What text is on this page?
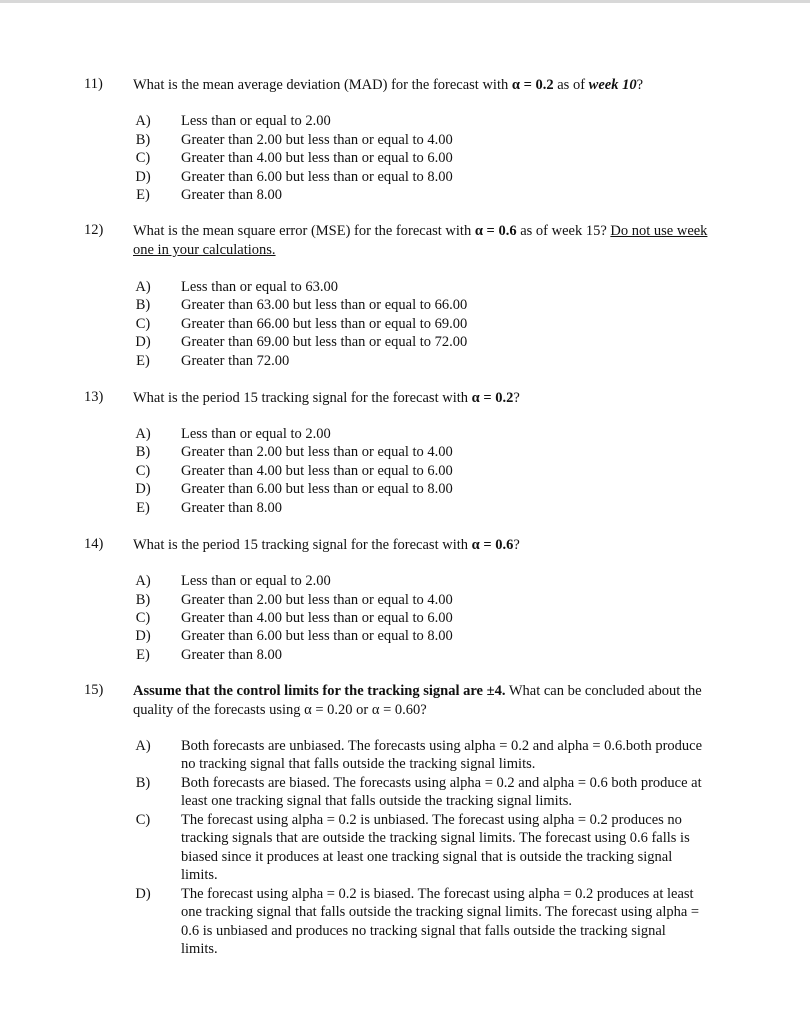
11) What is the mean average deviation (MAD) for the forecast with α = 0.2 as of week 10?
A) Less than or equal to 2.00
B) Greater than 2.00 but less than or equal to 4.00
C) Greater than 4.00 but less than or equal to 6.00
D) Greater than 6.00 but less than or equal to 8.00
E) Greater than 8.00
12) What is the mean square error (MSE) for the forecast with α = 0.6 as of week 15? Do not use week one in your calculations.
A) Less than or equal to 63.00
B) Greater than 63.00 but less than or equal to 66.00
C) Greater than 66.00 but less than or equal to 69.00
D) Greater than 69.00 but less than or equal to 72.00
E) Greater than 72.00
13) What is the period 15 tracking signal for the forecast with α = 0.2?
A) Less than or equal to 2.00
B) Greater than 2.00 but less than or equal to 4.00
C) Greater than 4.00 but less than or equal to 6.00
D) Greater than 6.00 but less than or equal to 8.00
E) Greater than 8.00
14) What is the period 15 tracking signal for the forecast with α = 0.6?
A) Less than or equal to 2.00
B) Greater than 2.00 but less than or equal to 4.00
C) Greater than 4.00 but less than or equal to 6.00
D) Greater than 6.00 but less than or equal to 8.00
E) Greater than 8.00
15) Assume that the control limits for the tracking signal are ±4. What can be concluded about the quality of the forecasts using α = 0.20 or α = 0.60?
A) Both forecasts are unbiased. The forecasts using alpha = 0.2 and alpha = 0.6.both produce no tracking signal that falls outside the tracking signal limits.
B) Both forecasts are biased. The forecasts using alpha = 0.2 and alpha = 0.6 both produce at least one tracking signal that falls outside the tracking signal limits.
C) The forecast using alpha = 0.2 is unbiased. The forecast using alpha = 0.2 produces no tracking signals that are outside the tracking signal limits. The forecast using 0.6 falls is biased since it produces at least one tracking signal that is outside the tracking signal limits.
D) The forecast using alpha = 0.2 is biased. The forecast using alpha = 0.2 produces at least one tracking signal that falls outside the tracking signal limits. The forecast using alpha = 0.6 is unbiased and produces no tracking signal that falls outside the tracking signal limits.
